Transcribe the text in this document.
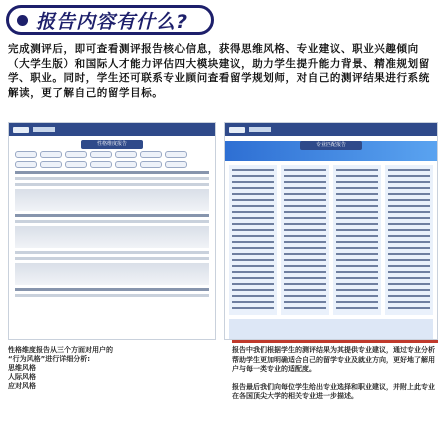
报告内容有什么?
完成测评后，即可查看测评报告核心信息，获得思维风格、专业建议、职业兴趣倾向（大学生版）和国际人才能力评估四大模块建议，助力学生提升能力背景、精准规划留学、职业。同时，学生还可联系专业顾问查看留学规划师，对自己的测评结果进行系统解读，更了解自己的留学目标。
性格维度报告	专业匹配报告
性格维度报告从三个方面对用户的
“行为风格”进行详细分析:
思维风格
人际风格
应对风格

报告中我们根据学生的测评结果为其提供专业建议，通过专业分析帮助学生更加明确适合自己的留学专业及就业方向，更好地了解用户与每一类专业的适配度。

报告最后我们向每位学生给出专业选择和职业建议，并附上此专业在各国顶尖大学的相关专业进一步描述。
